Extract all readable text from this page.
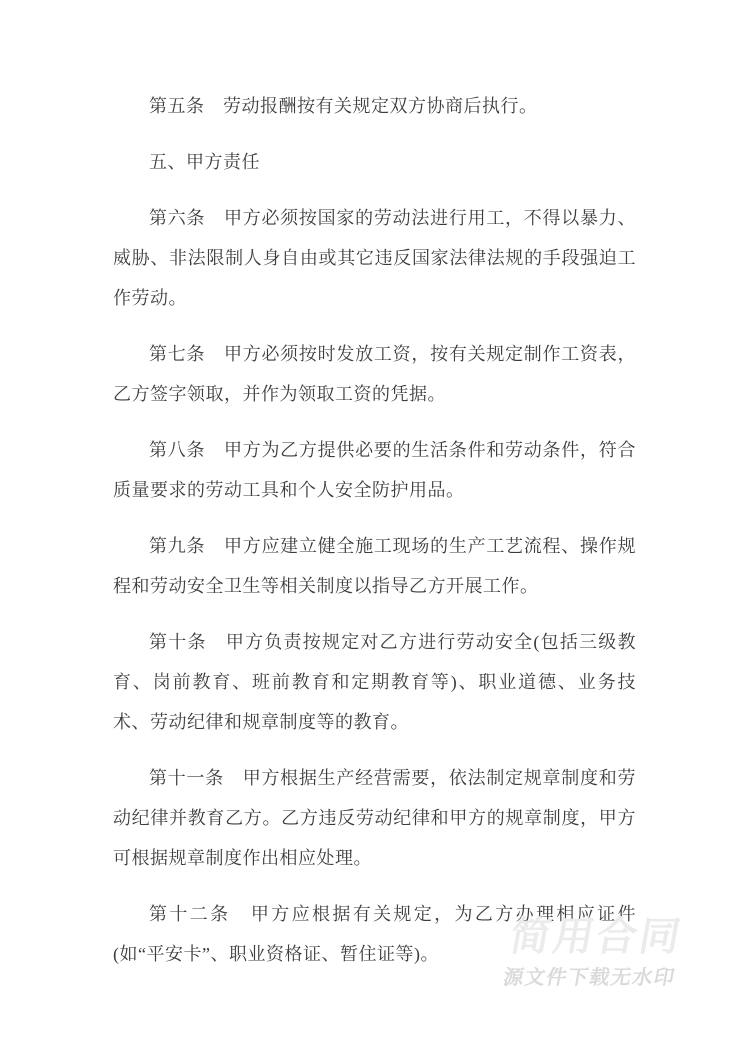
第五条　劳动报酬按有关规定双方协商后执行。

五、甲方责任

第六条　甲方必须按国家的劳动法进行用工，不得以暴力、威胁、非法限制人身自由或其它违反国家法律法规的手段强迫工作劳动。

第七条　甲方必须按时发放工资，按有关规定制作工资表，乙方签字领取，并作为领取工资的凭据。

第八条　甲方为乙方提供必要的生活条件和劳动条件，符合质量要求的劳动工具和个人安全防护用品。

第九条　甲方应建立健全施工现场的生产工艺流程、操作规程和劳动安全卫生等相关制度以指导乙方开展工作。

第十条　甲方负责按规定对乙方进行劳动安全(包括三级教育、岗前教育、班前教育和定期教育等)、职业道德、业务技术、劳动纪律和规章制度等的教育。

第十一条　甲方根据生产经营需要，依法制定规章制度和劳动纪律并教育乙方。乙方违反劳动纪律和甲方的规章制度，甲方可根据规章制度作出相应处理。

第十二条　甲方应根据有关规定，为乙方办理相应证件(如“平安卡”、职业资格证、暂住证等)。	简用合同
源文件下载无水印
